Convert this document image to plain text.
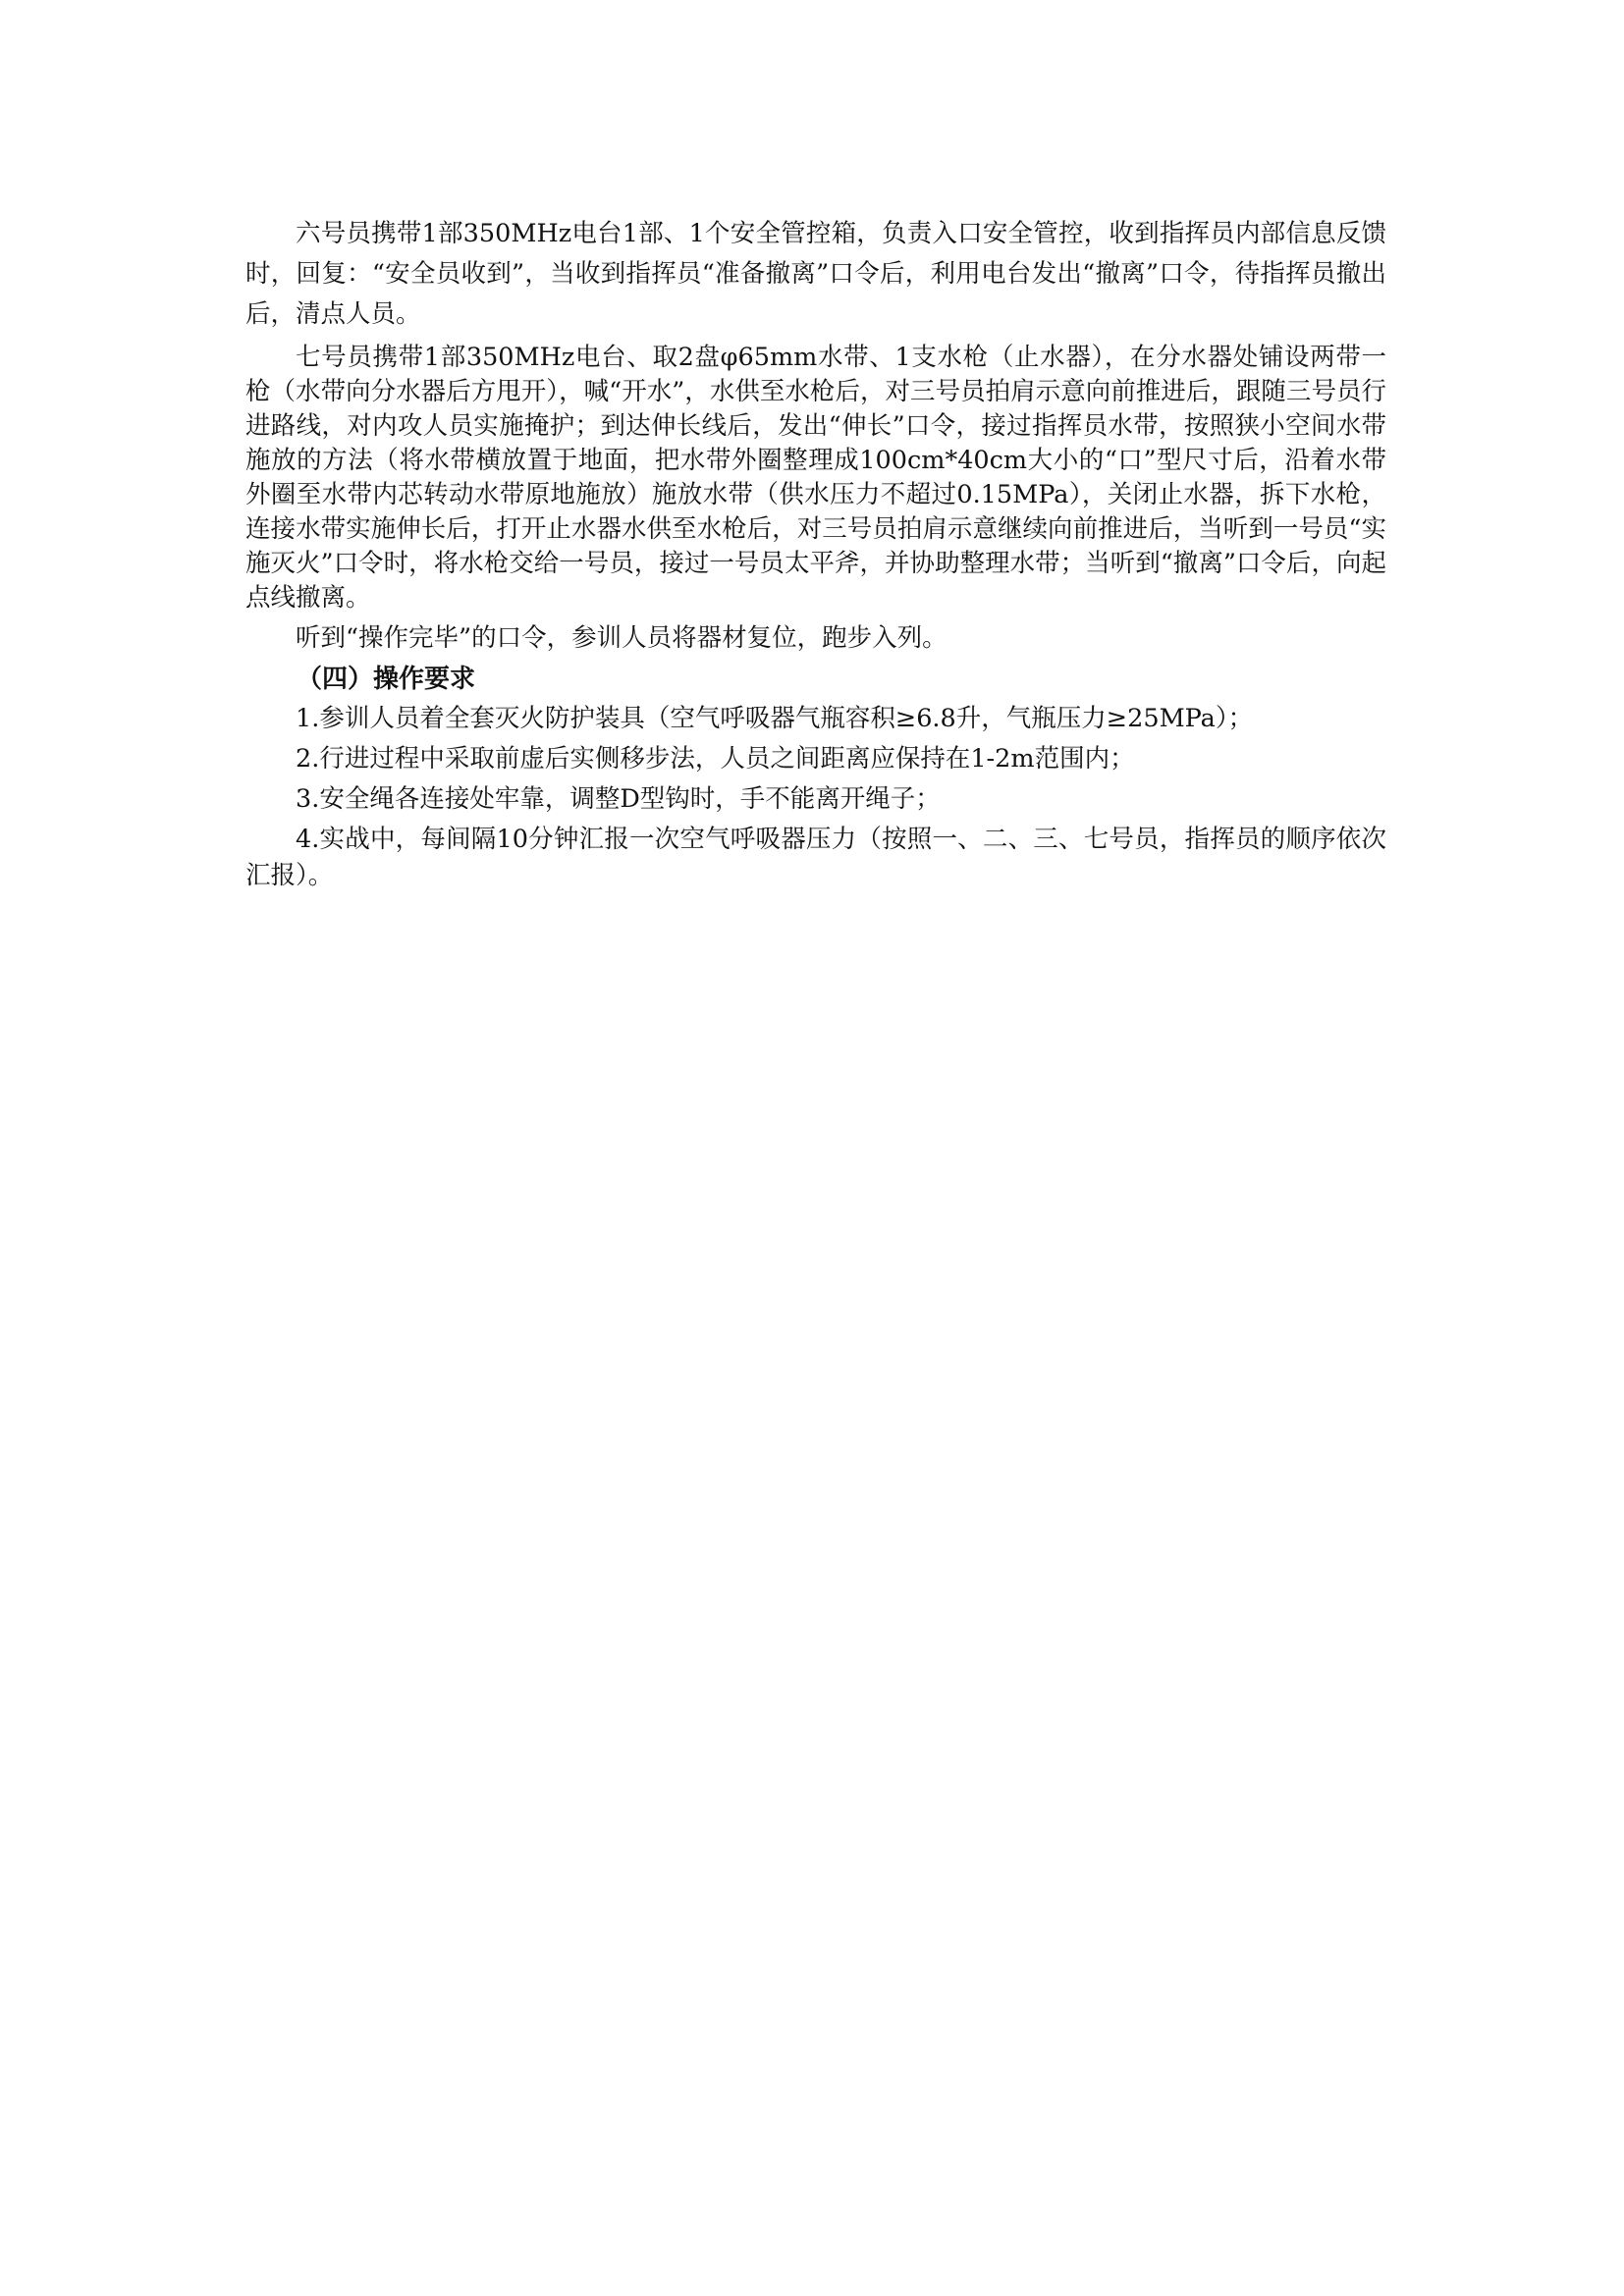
六号员携带1部350MHz电台1部、1个安全管控箱，负责入口安全管控，收到指挥员内部信息反馈时，回复：“安全员收到”，当收到指挥员“准备撤离”口令后，利用电台发出“撤离”口令，待指挥员撤出后，清点人员。

七号员携带1部350MHz电台、取2盘φ65mm水带、1支水枪（止水器），在分水器处铺设两带一枪（水带向分水器后方甩开），喊“开水”，水供至水枪后，对三号员拍肩示意向前推进后，跟随三号员行进路线，对内攻人员实施掩护；到达伸长线后，发出“伸长”口令，接过指挥员水带，按照狭小空间水带施放的方法（将水带横放置于地面，把水带外圈整理成100cm*40cm大小的“口”型尺寸后，沿着水带外圈至水带内芯转动水带原地施放）施放水带（供水压力不超过0.15MPa），关闭止水器，拆下水枪，连接水带实施伸长后，打开止水器水供至水枪后，对三号员拍肩示意继续向前推进后，当听到一号员“实施灭火”口令时，将水枪交给一号员，接过一号员太平斧，并协助整理水带；当听到“撤离”口令后，向起点线撤离。

听到“操作完毕”的口令，参训人员将器材复位，跑步入列。

（四）操作要求

1.参训人员着全套灭火防护装具（空气呼吸器气瓶容积≥6.8升，气瓶压力≥25MPa）；

2.行进过程中采取前虚后实侧移步法，人员之间距离应保持在1-2m范围内；

3.安全绳各连接处牢靠，调整D型钩时，手不能离开绳子；

4.实战中，每间隔10分钟汇报一次空气呼吸器压力（按照一、二、三、七号员，指挥员的顺序依次汇报）。
